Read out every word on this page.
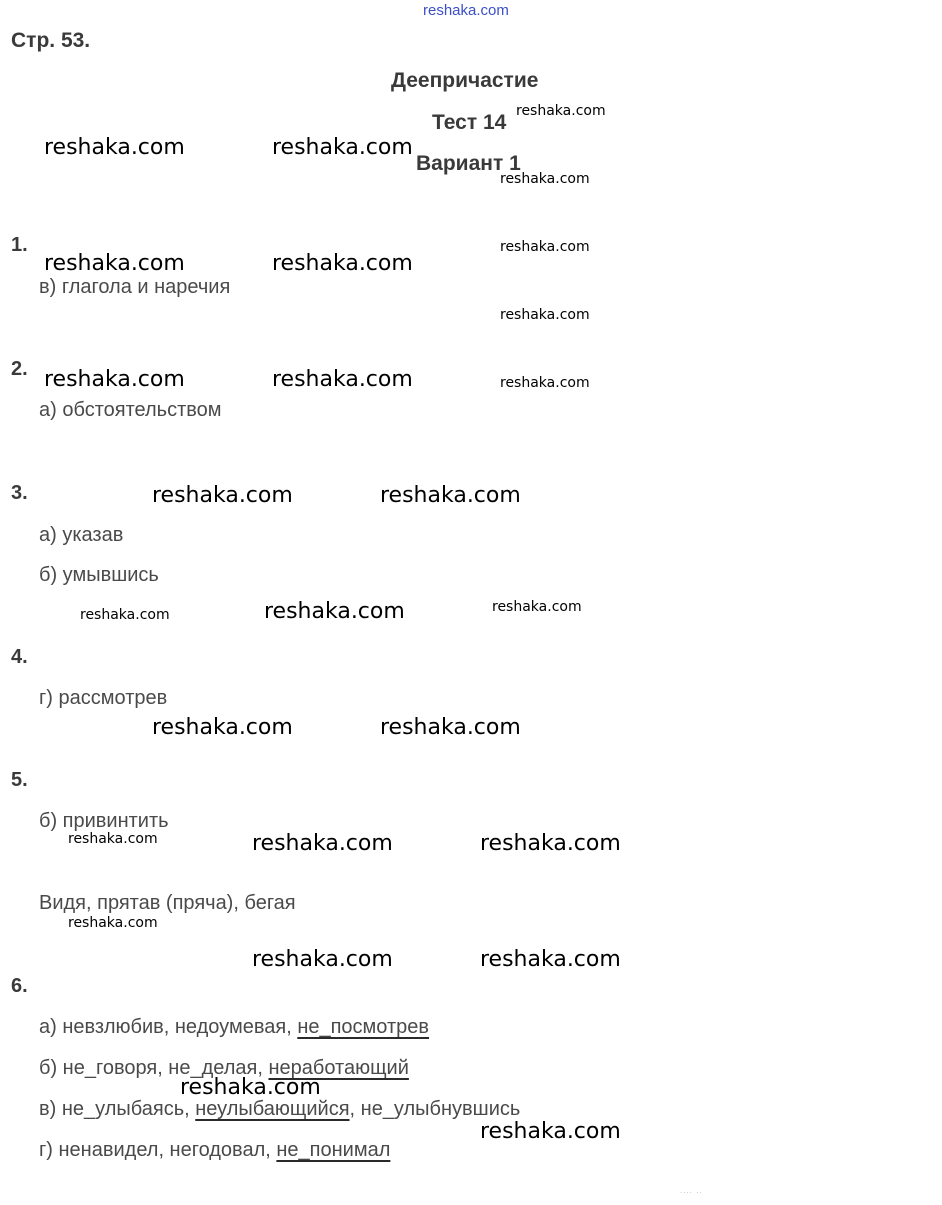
reshaka.com
Стр. 53.
Деепричастие
Тест 14
Вариант 1
1.
в) глагола и наречия
2.
а) обстоятельством
3.
а) указав
б) умывшись
4.
г) рассмотрев
5.
б) привинтить
Видя, прятав (пряча), бегая
6.
а) невзлюбив, недоумевая, не_посмотрев
б) не_говоря, не_делая, неработающий
в) не_улыбаясь, неулыбающийся, не_улыбнувшись
г) ненавидел, негодовал, не_понимал
reshaka.com
reshaka.com	reshaka.com
reshaka.com
reshaka.com
reshaka.com	reshaka.com
reshaka.com
reshaka.com	reshaka.com	reshaka.com
reshaka.com	reshaka.com
reshaka.com
reshaka.com
reshaka.com
reshaka.com	reshaka.com
reshaka.com	reshaka.com	reshaka.com
reshaka.com
reshaka.com	reshaka.com
reshaka.com
reshaka.com
.... ..
